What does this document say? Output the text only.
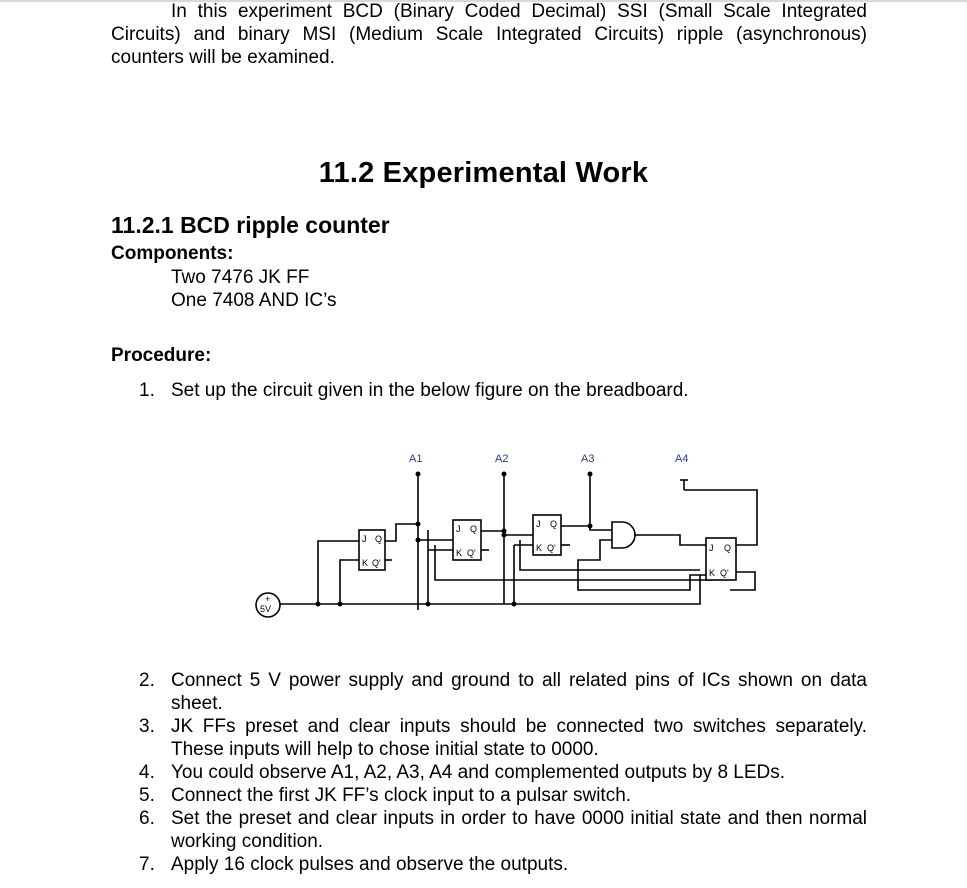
In this experiment BCD (Binary Coded Decimal) SSI (Small Scale Integrated Circuits) and binary MSI (Medium Scale Integrated Circuits) ripple (asynchronous) counters will be examined.

11.2 Experimental Work
11.2.1 BCD ripple counter
Components:

Two 7476 JK FF

One 7408 AND IC’s

Procedure:
1. Set up the circuit given in the below figure on the breadboard.
2. Connect 5 V power supply and ground to all related pins of ICs shown on data sheet.
3. JK FFs preset and clear inputs should be connected two switches separately. These inputs will help to chose initial state to 0000.
4. You could observe A1, A2, A3, A4 and complemented outputs by 8 LEDs.
5. Connect the first JK FF’s clock input to a pulsar switch.
6. Set the preset and clear inputs in order to have 0000 initial state and then normal working condition.
7. Apply 16 clock pulses and observe the outputs.
A1	A2	A3	A4
J Q
K Q'
J Q
K Q'
J Q
K Q'	J Q
K Q'
+
5V
